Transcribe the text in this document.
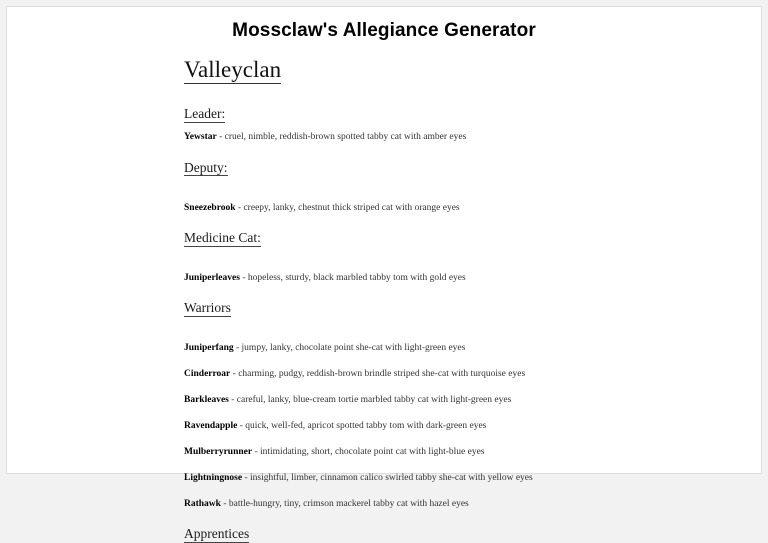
Mossclaw's Allegiance Generator
Valleyclan
Leader:

Yewstar - cruel, nimble, reddish-brown spotted tabby cat with amber eyes

Deputy:

Sneezebrook - creepy, lanky, chestnut thick striped cat with orange eyes

Medicine Cat:

Juniperleaves - hopeless, sturdy, black marbled tabby tom with gold eyes

Warriors

Juniperfang - jumpy, lanky, chocolate point she-cat with light-green eyes

Cinderroar - charming, pudgy, reddish-brown brindle striped she-cat with turquoise eyes

Barkleaves - careful, lanky, blue-cream tortie marbled tabby cat with light-green eyes

Ravendapple - quick, well-fed, apricot spotted tabby tom with dark-green eyes

Mulberryrunner - intimidating, short, chocolate point cat with light-blue eyes

Lightningnose - insightful, limber, cinnamon calico swirled tabby she-cat with yellow eyes

Rathawk - battle-hungry, tiny, crimson mackerel tabby cat with hazel eyes

Apprentices
